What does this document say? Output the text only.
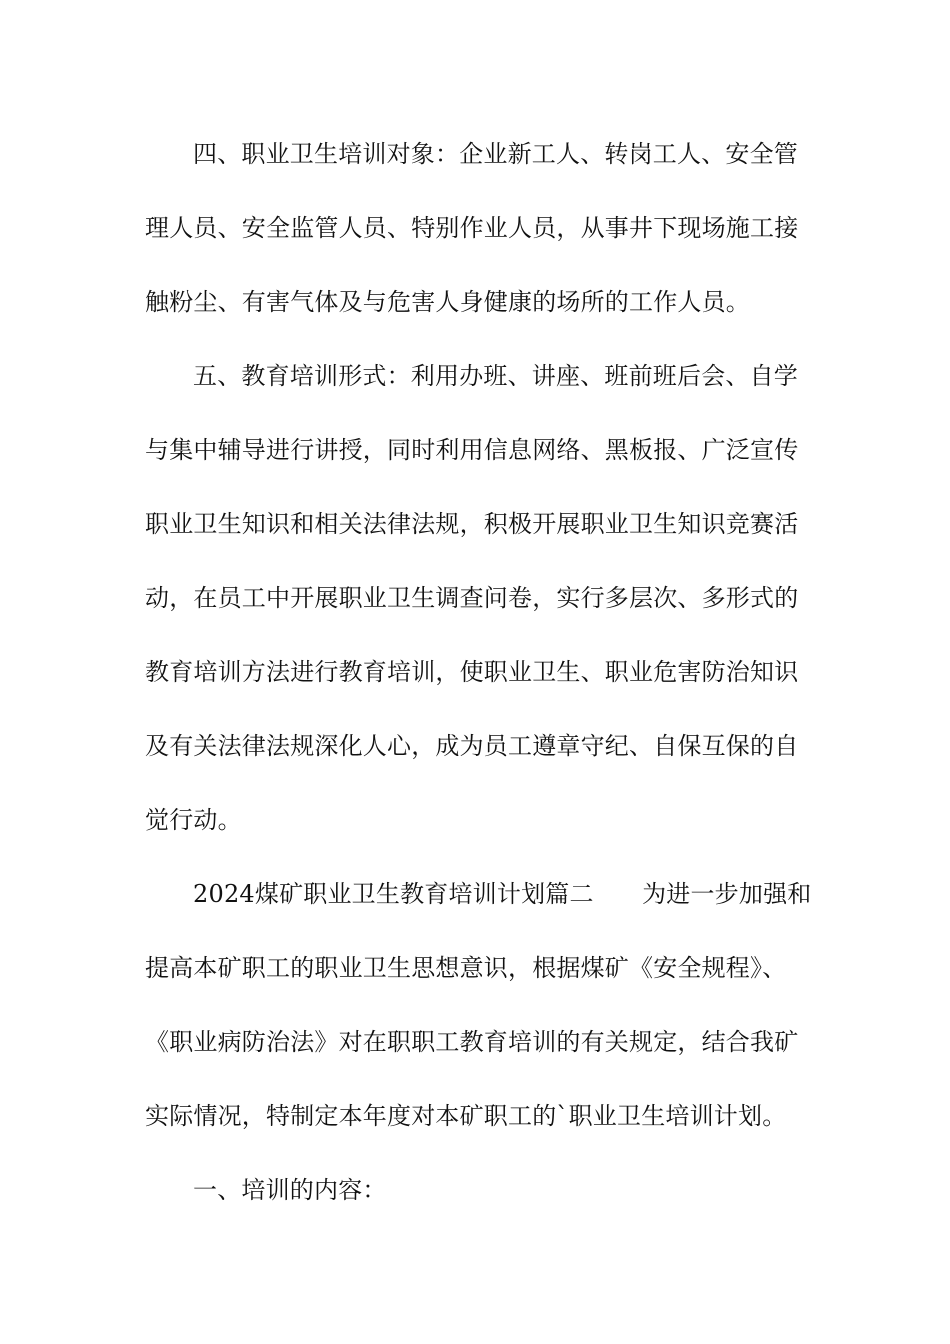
四、职业卫生培训对象：企业新工人、转岗工人、安全管
理人员、安全监管人员、特别作业人员，从事井下现场施工接
触粉尘、有害气体及与危害人身健康的场所的工作人员。
五、教育培训形式：利用办班、讲座、班前班后会、自学
与集中辅导进行讲授，同时利用信息网络、黑板报、广泛宣传
职业卫生知识和相关法律法规，积极开展职业卫生知识竞赛活
动，在员工中开展职业卫生调查问卷，实行多层次、多形式的
教育培训方法进行教育培训，使职业卫生、职业危害防治知识
及有关法律法规深化人心，成为员工遵章守纪、自保互保的自
觉行动。
2024煤矿职业卫生教育培训计划篇二　　为进一步加强和
提高本矿职工的职业卫生思想意识，根据煤矿《安全规程》、
《职业病防治法》对在职职工教育培训的有关规定，结合我矿
实际情况，特制定本年度对本矿职工的`职业卫生培训计划。
一、培训的内容：
